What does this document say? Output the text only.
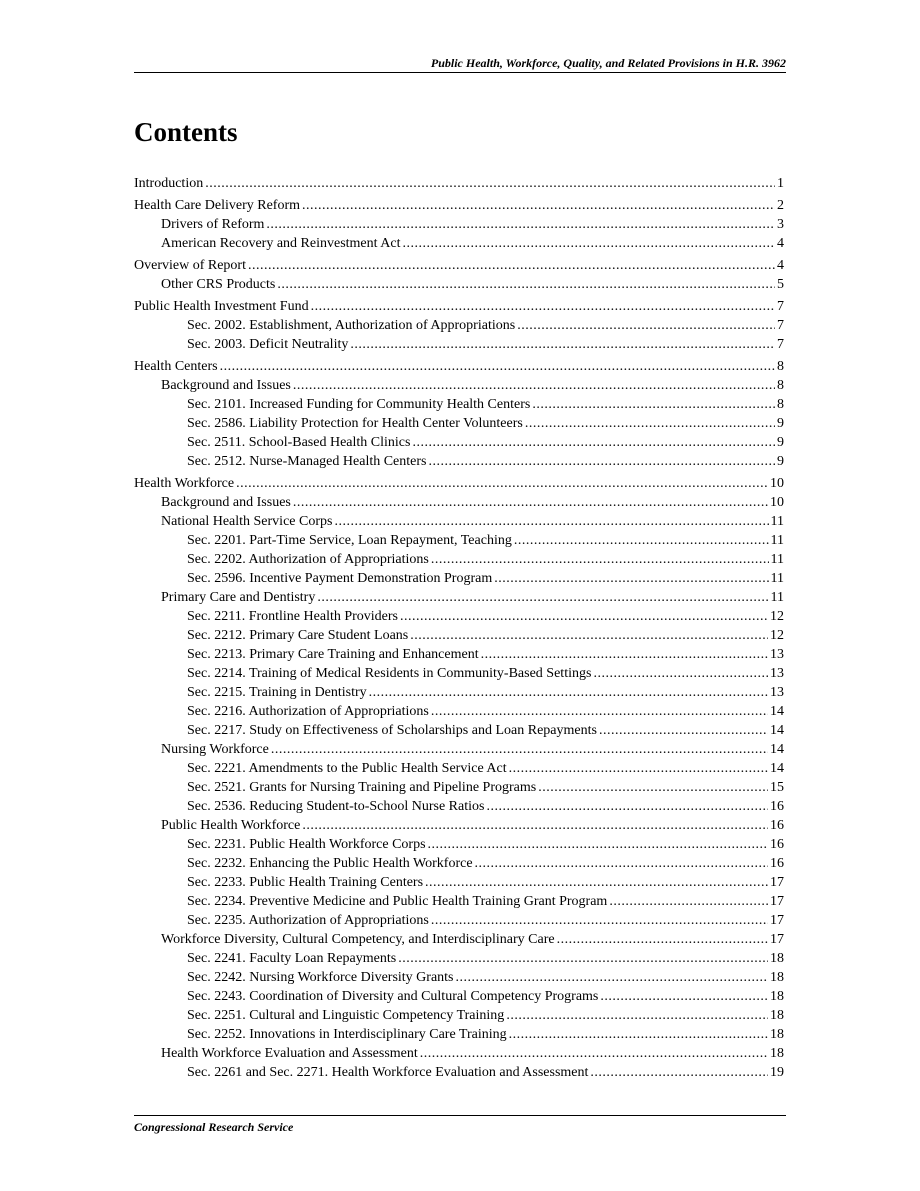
Public Health, Workforce, Quality, and Related Provisions in H.R. 3962
Contents
Introduction .....	1
Health Care Delivery Reform .....	2
Drivers of Reform .....	3
American Recovery and Reinvestment Act .....	4
Overview of Report .....	4
Other CRS Products .....	5
Public Health Investment Fund .....	7
Sec. 2002. Establishment, Authorization of Appropriations .....	7
Sec. 2003. Deficit Neutrality .....	7
Health Centers .....	8
Background and Issues .....	8
Sec. 2101. Increased Funding for Community Health Centers .....	8
Sec. 2586. Liability Protection for Health Center Volunteers .....	9
Sec. 2511. School-Based Health Clinics .....	9
Sec. 2512. Nurse-Managed Health Centers .....	9
Health Workforce .....	10
Background and Issues .....	10
National Health Service Corps .....	11
Sec. 2201. Part-Time Service, Loan Repayment, Teaching .....	11
Sec. 2202. Authorization of Appropriations .....	11
Sec. 2596. Incentive Payment Demonstration Program .....	11
Primary Care and Dentistry .....	11
Sec. 2211. Frontline Health Providers .....	12
Sec. 2212. Primary Care Student Loans .....	12
Sec. 2213. Primary Care Training and Enhancement .....	13
Sec. 2214. Training of Medical Residents in Community-Based Settings .....	13
Sec. 2215. Training in Dentistry .....	13
Sec. 2216. Authorization of Appropriations .....	14
Sec. 2217. Study on Effectiveness of Scholarships and Loan Repayments .....	14
Nursing Workforce .....	14
Sec. 2221. Amendments to the Public Health Service Act .....	14
Sec. 2521. Grants for Nursing Training and Pipeline Programs .....	15
Sec. 2536. Reducing Student-to-School Nurse Ratios .....	16
Public Health Workforce .....	16
Sec. 2231. Public Health Workforce Corps .....	16
Sec. 2232. Enhancing the Public Health Workforce .....	16
Sec. 2233. Public Health Training Centers .....	17
Sec. 2234. Preventive Medicine and Public Health Training Grant Program .....	17
Sec. 2235. Authorization of Appropriations .....	17
Workforce Diversity, Cultural Competency, and Interdisciplinary Care .....	17
Sec. 2241. Faculty Loan Repayments .....	18
Sec. 2242. Nursing Workforce Diversity Grants .....	18
Sec. 2243. Coordination of Diversity and Cultural Competency Programs .....	18
Sec. 2251. Cultural and Linguistic Competency Training .....	18
Sec. 2252. Innovations in Interdisciplinary Care Training .....	18
Health Workforce Evaluation and Assessment .....	18
Sec. 2261 and Sec. 2271. Health Workforce Evaluation and Assessment .....	19
Congressional Research Service
